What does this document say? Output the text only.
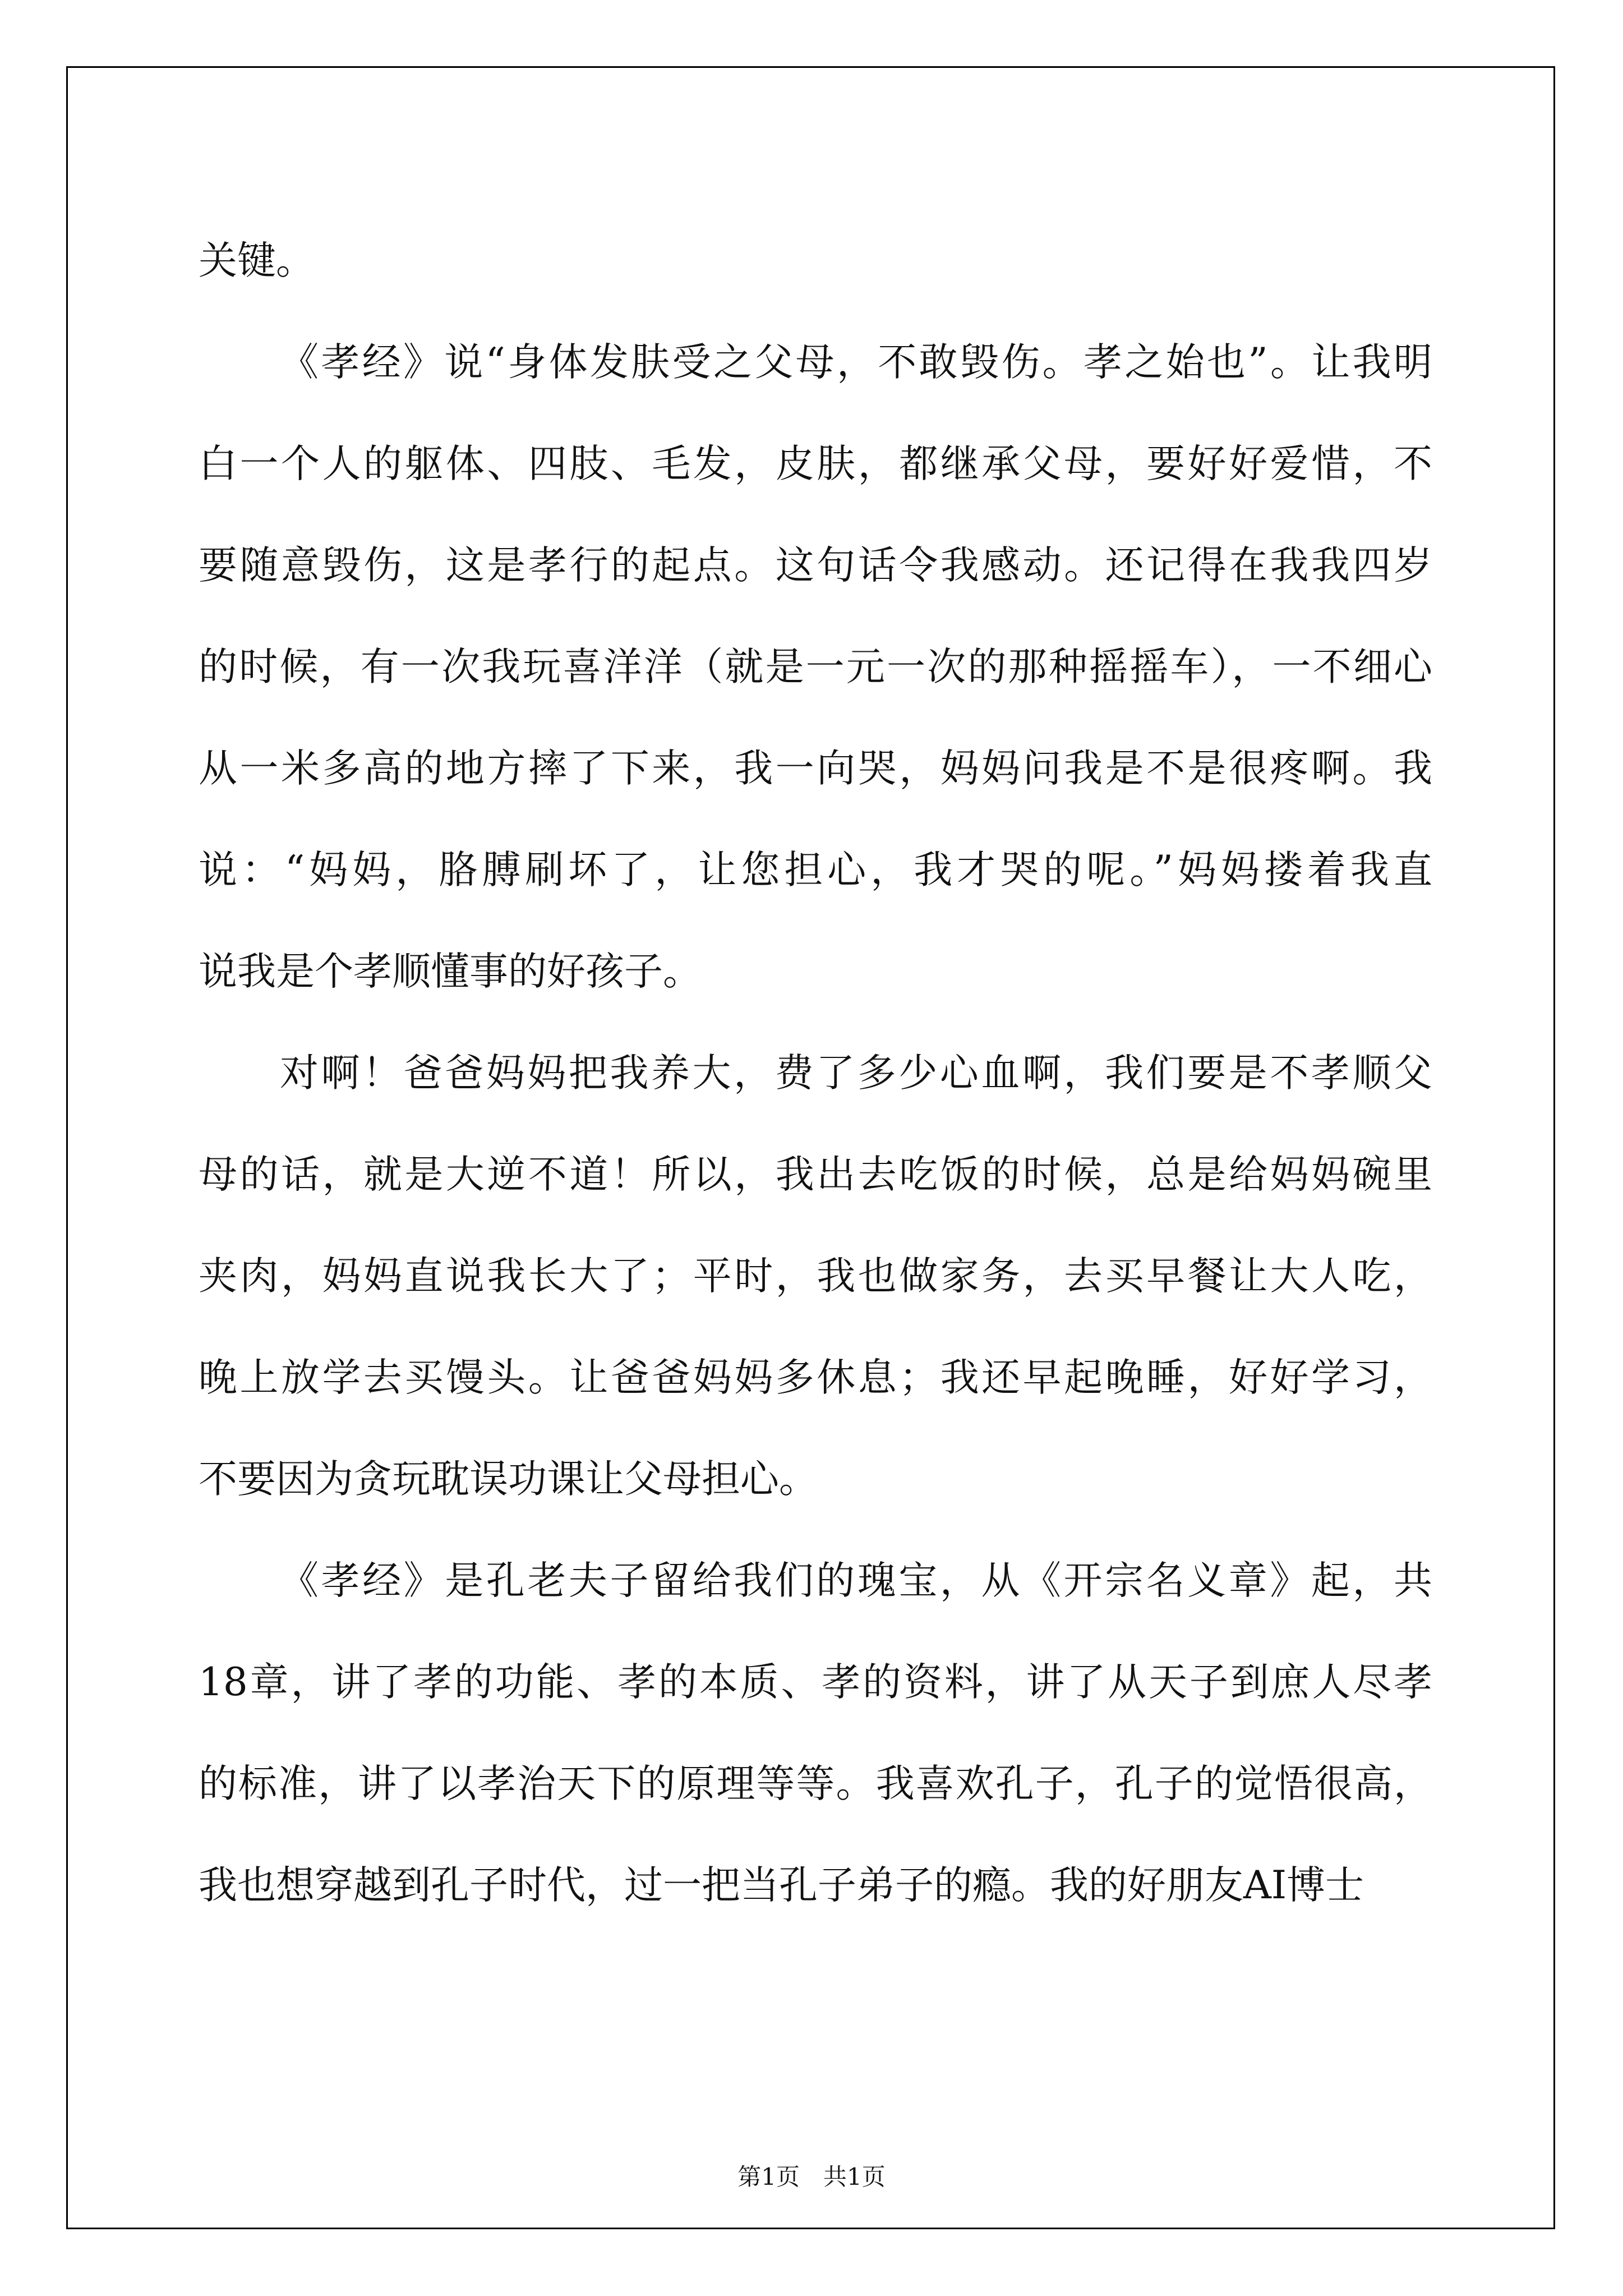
关键。
《孝经》说“身体发肤受之父母，不敢毁伤。孝之始也”。让我明
白一个人的躯体、四肢、毛发，皮肤，都继承父母，要好好爱惜，不
要随意毁伤，这是孝行的起点。这句话令我感动。还记得在我我四岁
的时候，有一次我玩喜洋洋（就是一元一次的那种摇摇车），一不细心
从一米多高的地方摔了下来，我一向哭，妈妈问我是不是很疼啊。我
说：“妈妈，胳膊刷坏了，让您担心，我才哭的呢。”妈妈搂着我直
说我是个孝顺懂事的好孩子。
对啊！爸爸妈妈把我养大，费了多少心血啊，我们要是不孝顺父
母的话，就是大逆不道！所以，我出去吃饭的时候，总是给妈妈碗里
夹肉，妈妈直说我长大了；平时，我也做家务，去买早餐让大人吃，
晚上放学去买馒头。让爸爸妈妈多休息；我还早起晚睡，好好学习，
不要因为贪玩耽误功课让父母担心。
《孝经》是孔老夫子留给我们的瑰宝，从《开宗名义章》起，共
18章，讲了孝的功能、孝的本质、孝的资料，讲了从天子到庶人尽孝
的标准，讲了以孝治天下的原理等等。我喜欢孔子，孔子的觉悟很高，
我也想穿越到孔子时代，过一把当孔子弟子的瘾。我的好朋友AI博士
第1页　共1页
